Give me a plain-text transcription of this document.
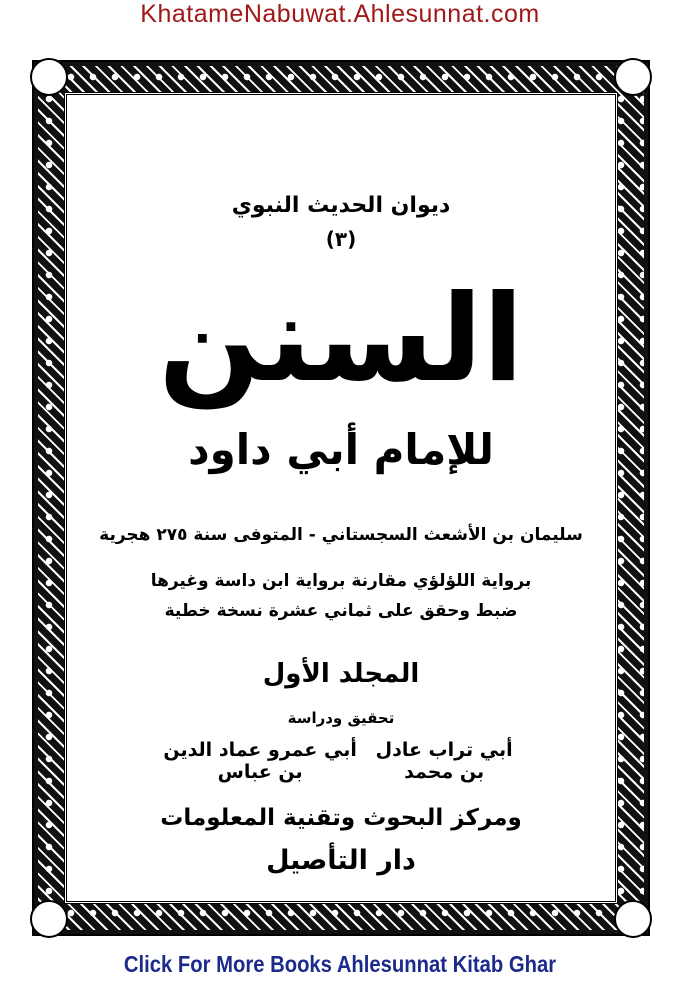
KhatameNabuwat.Ahlesunnat.com
ديوان الحديث النبوي
(٣)
السنن
للإمام أبي داود
سليمان بن الأشعث السجستاني - المتوفى سنة ٢٧٥ هجرية
برواية اللؤلؤي مقارنة برواية ابن داسة وغيرها
ضبط وحقق على ثماني عشرة نسخة خطية
المجلد الأول
تحقيق ودراسة
أبي تراب عادل بن محمد
أبي عمرو عماد الدين بن عباس
ومركز البحوث وتقنية المعلومات
دار التأصيل
Click For More Books Ahlesunnat Kitab Ghar
